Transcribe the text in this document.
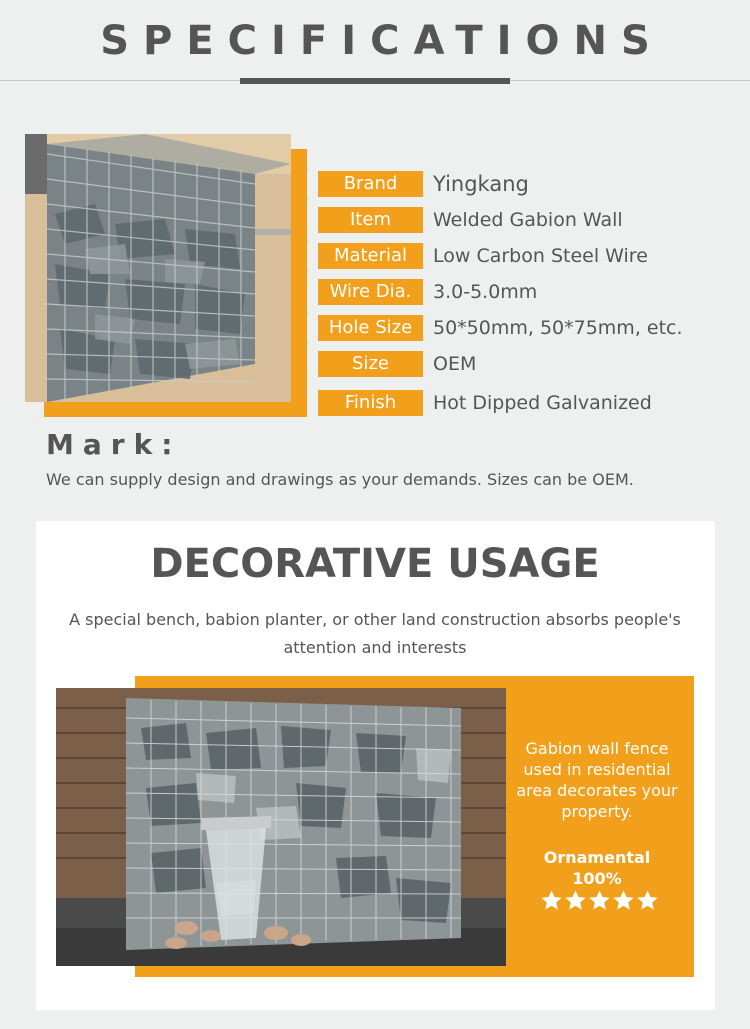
SPECIFICATIONS
Brand	Yingkang
Item	Welded Gabion Wall
Material	Low Carbon Steel Wire
Wire Dia.	3.0-5.0mm
Hole Size	50*50mm, 50*75mm, etc.
Size	OEM
Finish	Hot Dipped Galvanized
Mark:
We can supply design and drawings as your demands. Sizes can be OEM.
DECORATIVE USAGE
A special bench, babion planter, or other land construction absorbs people's attention and interests
Gabion wall fence used in residential area decorates your property.
Ornamental
100%
